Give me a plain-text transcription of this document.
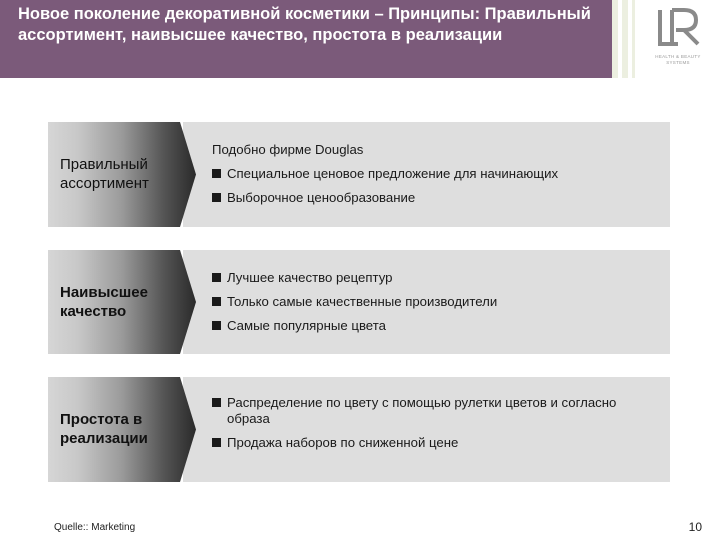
Новое поколение декоративной косметики – Принципы: Правильный ассортимент, наивысшее качество, простота в реализации
HEALTH & BEAUTY SYSTEMS
Правильный ассортимент
Подобно фирме Douglas
Специальное ценовое предложение для начинающих
Выборочное ценообразование
Наивысшее качество
Лучшее качество рецептур
Только самые качественные производители
Самые популярные цвета
Простота в реализации
Распределение по цвету с помощью рулетки цветов и согласно образа
Продажа наборов по сниженной цене
Quelle:: Marketing	10
